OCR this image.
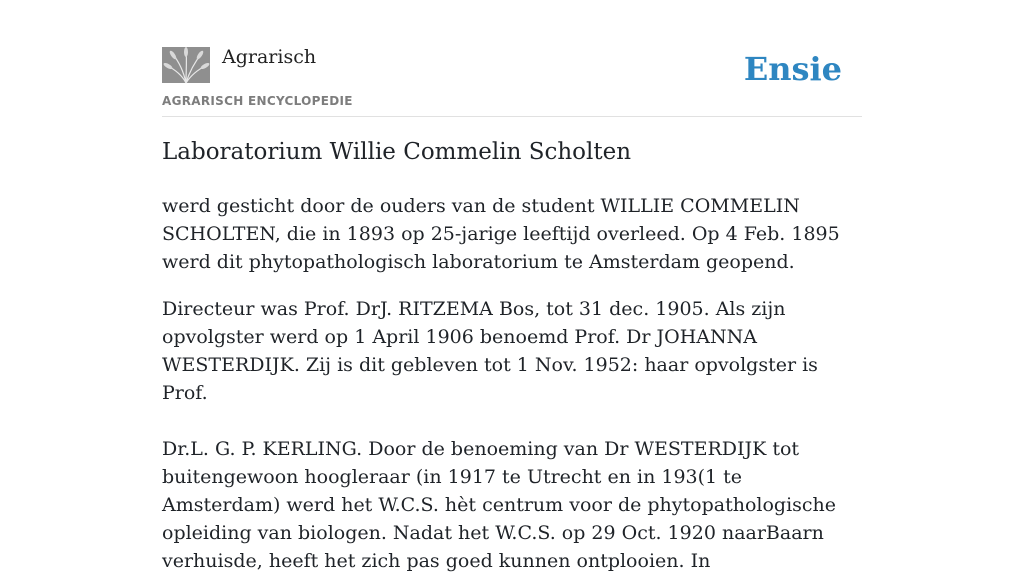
Agrarisch
AGRARISCH ENCYCLOPEDIE
Ensie
Laboratorium Willie Commelin Scholten

werd gesticht door de ouders van de student WILLIE COMMELIN SCHOLTEN, die in 1893 op 25-jarige leeftijd overleed. Op 4 Feb. 1895 werd dit phytopathologisch laboratorium te Amsterdam geopend.

Directeur was Prof. DrJ. RITZEMA Bos, tot 31 dec. 1905. Als zijn opvolgster werd op 1 April 1906 benoemd Prof. Dr JOHANNA WESTERDIJK. Zij is dit gebleven tot 1 Nov. 1952: haar opvolgster is Prof.

Dr.L. G. P. KERLING. Door de benoeming van Dr WESTERDIJK tot buitengewoon hoogleraar (in 1917 te Utrecht en in 193(1 te Amsterdam) werd het W.C.S. hèt centrum voor de phytopathologische opleiding van biologen. Nadat het W.C.S. op 29 Oct. 1920 naarBaarn verhuisde, heeft het zich pas goed kunnen ontplooien. In
